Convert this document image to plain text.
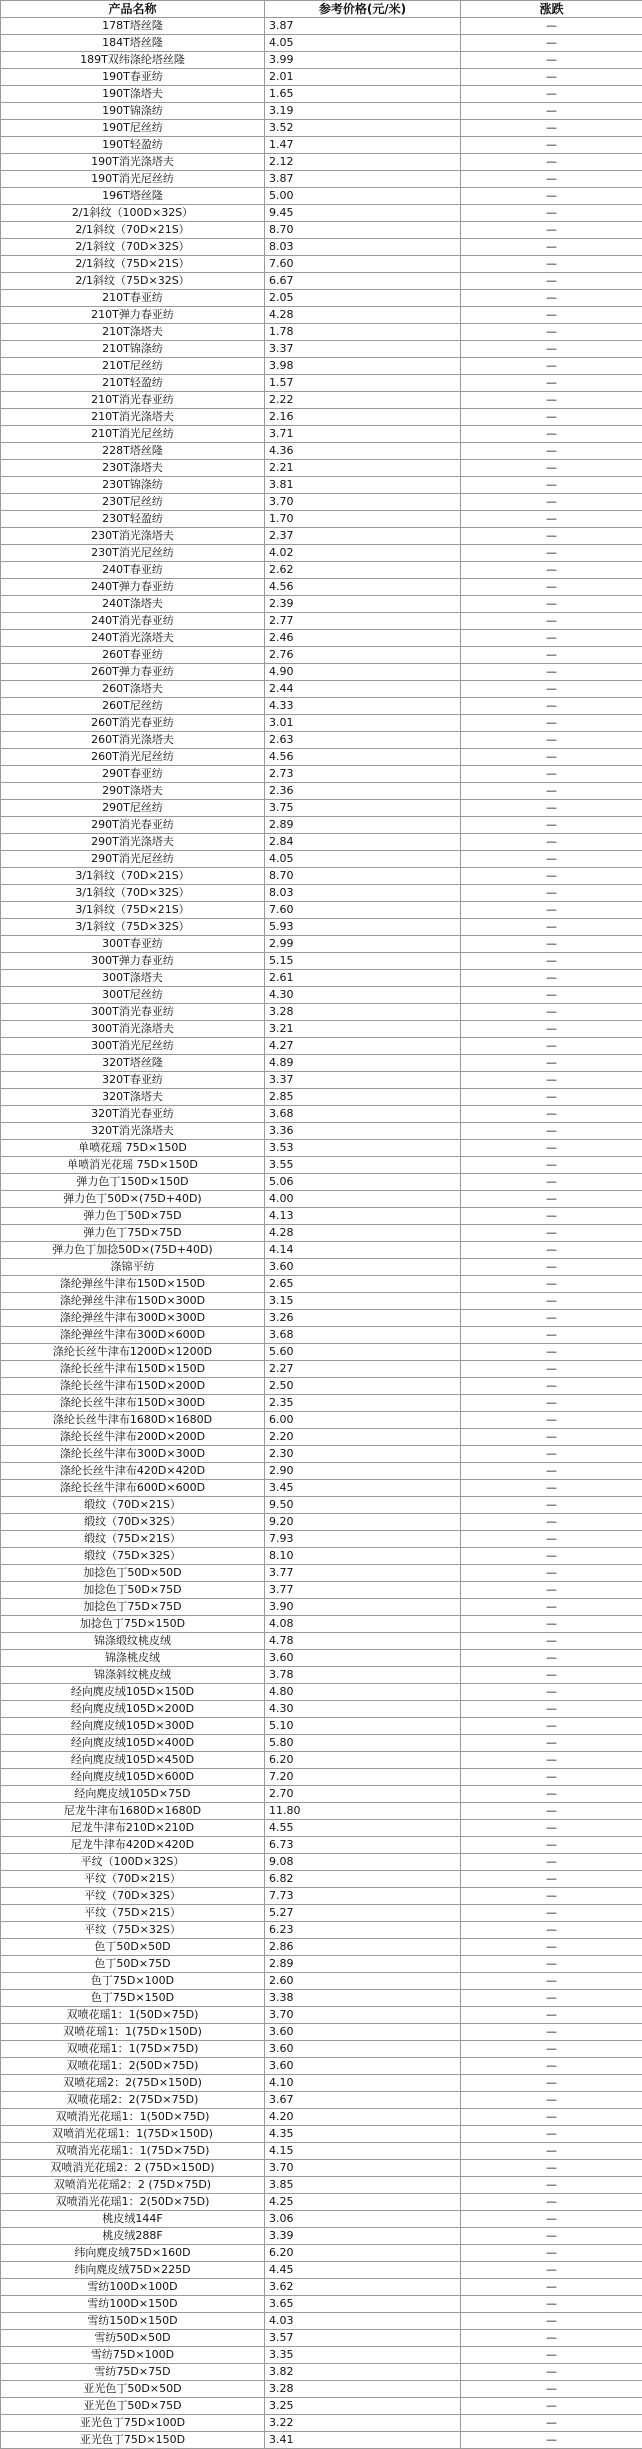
产品名称	参考价格(元/米)	涨跌
178T塔丝隆	3.87	—
184T塔丝隆	4.05	—
189T双纬涤纶塔丝隆	3.99	—
190T春亚纺	2.01	—
190T涤塔夫	1.65	—
190T锦涤纺	3.19	—
190T尼丝纺	3.52	—
190T轻盈纺	1.47	—
190T消光涤塔夫	2.12	—
190T消光尼丝纺	3.87	—
196T塔丝隆	5.00	—
2/1斜纹（100D×32S）	9.45	—
2/1斜纹（70D×21S）	8.70	—
2/1斜纹（70D×32S）	8.03	—
2/1斜纹（75D×21S）	7.60	—
2/1斜纹（75D×32S）	6.67	—
210T春亚纺	2.05	—
210T弹力春亚纺	4.28	—
210T涤塔夫	1.78	—
210T锦涤纺	3.37	—
210T尼丝纺	3.98	—
210T轻盈纺	1.57	—
210T消光春亚纺	2.22	—
210T消光涤塔夫	2.16	—
210T消光尼丝纺	3.71	—
228T塔丝隆	4.36	—
230T涤塔夫	2.21	—
230T锦涤纺	3.81	—
230T尼丝纺	3.70	—
230T轻盈纺	1.70	—
230T消光涤塔夫	2.37	—
230T消光尼丝纺	4.02	—
240T春亚纺	2.62	—
240T弹力春亚纺	4.56	—
240T涤塔夫	2.39	—
240T消光春亚纺	2.77	—
240T消光涤塔夫	2.46	—
260T春亚纺	2.76	—
260T弹力春亚纺	4.90	—
260T涤塔夫	2.44	—
260T尼丝纺	4.33	—
260T消光春亚纺	3.01	—
260T消光涤塔夫	2.63	—
260T消光尼丝纺	4.56	—
290T春亚纺	2.73	—
290T涤塔夫	2.36	—
290T尼丝纺	3.75	—
290T消光春亚纺	2.89	—
290T消光涤塔夫	2.84	—
290T消光尼丝纺	4.05	—
3/1斜纹（70D×21S）	8.70	—
3/1斜纹（70D×32S）	8.03	—
3/1斜纹（75D×21S）	7.60	—
3/1斜纹（75D×32S）	5.93	—
300T春亚纺	2.99	—
300T弹力春亚纺	5.15	—
300T涤塔夫	2.61	—
300T尼丝纺	4.30	—
300T消光春亚纺	3.28	—
300T消光涤塔夫	3.21	—
300T消光尼丝纺	4.27	—
320T塔丝隆	4.89	—
320T春亚纺	3.37	—
320T涤塔夫	2.85	—
320T消光春亚纺	3.68	—
320T消光涤塔夫	3.36	—
单喷花瑶 75D×150D	3.53	—
单喷消光花瑶 75D×150D	3.55	—
弹力色丁150D×150D	5.06	—
弹力色丁50D×(75D+40D)	4.00	—
弹力色丁50D×75D	4.13	—
弹力色丁75D×75D	4.28	—
弹力色丁加捻50D×(75D+40D)	4.14	—
涤锦平纺	3.60	—
涤纶弹丝牛津布150D×150D	2.65	—
涤纶弹丝牛津布150D×300D	3.15	—
涤纶弹丝牛津布300D×300D	3.26	—
涤纶弹丝牛津布300D×600D	3.68	—
涤纶长丝牛津布1200D×1200D	5.60	—
涤纶长丝牛津布150D×150D	2.27	—
涤纶长丝牛津布150D×200D	2.50	—
涤纶长丝牛津布150D×300D	2.35	—
涤纶长丝牛津布1680D×1680D	6.00	—
涤纶长丝牛津布200D×200D	2.20	—
涤纶长丝牛津布300D×300D	2.30	—
涤纶长丝牛津布420D×420D	2.90	—
涤纶长丝牛津布600D×600D	3.45	—
缎纹（70D×21S）	9.50	—
缎纹（70D×32S）	9.20	—
缎纹（75D×21S）	7.93	—
缎纹（75D×32S）	8.10	—
加捻色丁50D×50D	3.77	—
加捻色丁50D×75D	3.77	—
加捻色丁75D×75D	3.90	—
加捻色丁75D×150D	4.08	—
锦涤缎纹桃皮绒	4.78	—
锦涤桃皮绒	3.60	—
锦涤斜纹桃皮绒	3.78	—
经向麂皮绒105D×150D	4.80	—
经向麂皮绒105D×200D	4.30	—
经向麂皮绒105D×300D	5.10	—
经向麂皮绒105D×400D	5.80	—
经向麂皮绒105D×450D	6.20	—
经向麂皮绒105D×600D	7.20	—
经向麂皮绒105D×75D	2.70	—
尼龙牛津布1680D×1680D	11.80	—
尼龙牛津布210D×210D	4.55	—
尼龙牛津布420D×420D	6.73	—
平纹（100D×32S）	9.08	—
平纹（70D×21S）	6.82	—
平纹（70D×32S）	7.73	—
平纹（75D×21S）	5.27	—
平纹（75D×32S）	6.23	—
色丁50D×50D	2.86	—
色丁50D×75D	2.89	—
色丁75D×100D	2.60	—
色丁75D×150D	3.38	—
双喷花瑶1：1(50D×75D)	3.70	—
双喷花瑶1：1(75D×150D)	3.60	—
双喷花瑶1：1(75D×75D)	3.60	—
双喷花瑶1：2(50D×75D)	3.60	—
双喷花瑶2：2(75D×150D)	4.10	—
双喷花瑶2：2(75D×75D)	3.67	—
双喷消光花瑶1：1(50D×75D)	4.20	—
双喷消光花瑶1：1(75D×150D)	4.35	—
双喷消光花瑶1：1(75D×75D)	4.15	—
双喷消光花瑶2：2 (75D×150D)	3.70	—
双喷消光花瑶2：2 (75D×75D)	3.85	—
双喷消光花瑶1：2(50D×75D)	4.25	—
桃皮绒144F	3.06	—
桃皮绒288F	3.39	—
纬向麂皮绒75D×160D	6.20	—
纬向麂皮绒75D×225D	4.45	—
雪纺100D×100D	3.62	—
雪纺100D×150D	3.65	—
雪纺150D×150D	4.03	—
雪纺50D×50D	3.57	—
雪纺75D×100D	3.35	—
雪纺75D×75D	3.82	—
亚光色丁50D×50D	3.28	—
亚光色丁50D×75D	3.25	—
亚光色丁75D×100D	3.22	—
亚光色丁75D×150D	3.41	—
